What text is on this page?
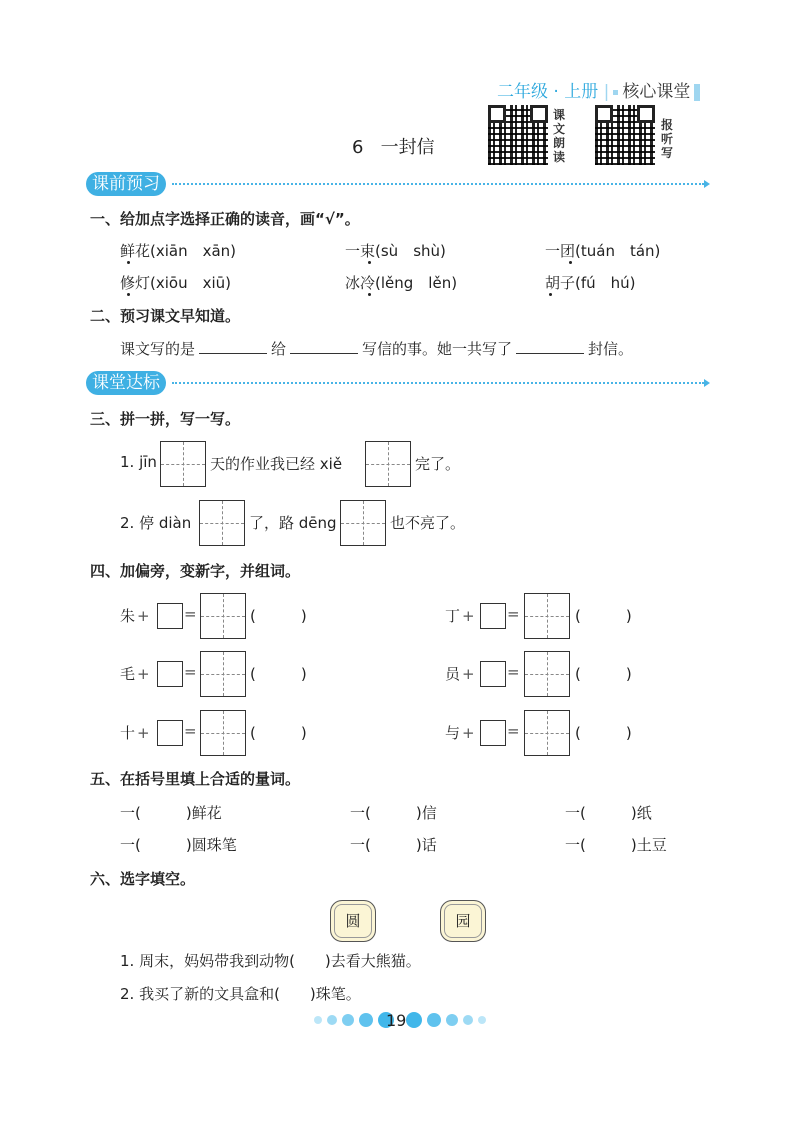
二年级 · 上册 | 核心课堂
课文朗读
报听写
6 一封信
课前预习
一、给加点字选择正确的读音，画“√”。
鲜花(xiān　xān)	一束(sù　shù)	一团(tuán　tán)
修灯(xiōu　xiū)	冰冷(lěng　lěn)	胡子(fú　hú)
二、预习课文早知道。
课文写的是	给	写信的事。她一共写了	封信。
课堂达标
三、拼一拼，写一写。
1. jīn	天的作业我已经 xiě	完了。
2. 停 diàn	了，路 dēng	也不亮了。
四、加偏旁，变新字，并组词。
朱 + =	(　　　)	丁 + =	(　　　)
毛 + =	(　　　)	员 + =	(　　　)
十 + =	(　　　)	与 + =	(　　　)
五、在括号里填上合适的量词。
一(　　　)鲜花	一(　　　)信	一(　　　)纸
一(　　　)圆珠笔	一(　　　)话	一(　　　)土豆
六、选字填空。
圆	园
1. 周末，妈妈带我到动物(　　)去看大熊猫。
2. 我买了新的文具盒和(　　)珠笔。
19
